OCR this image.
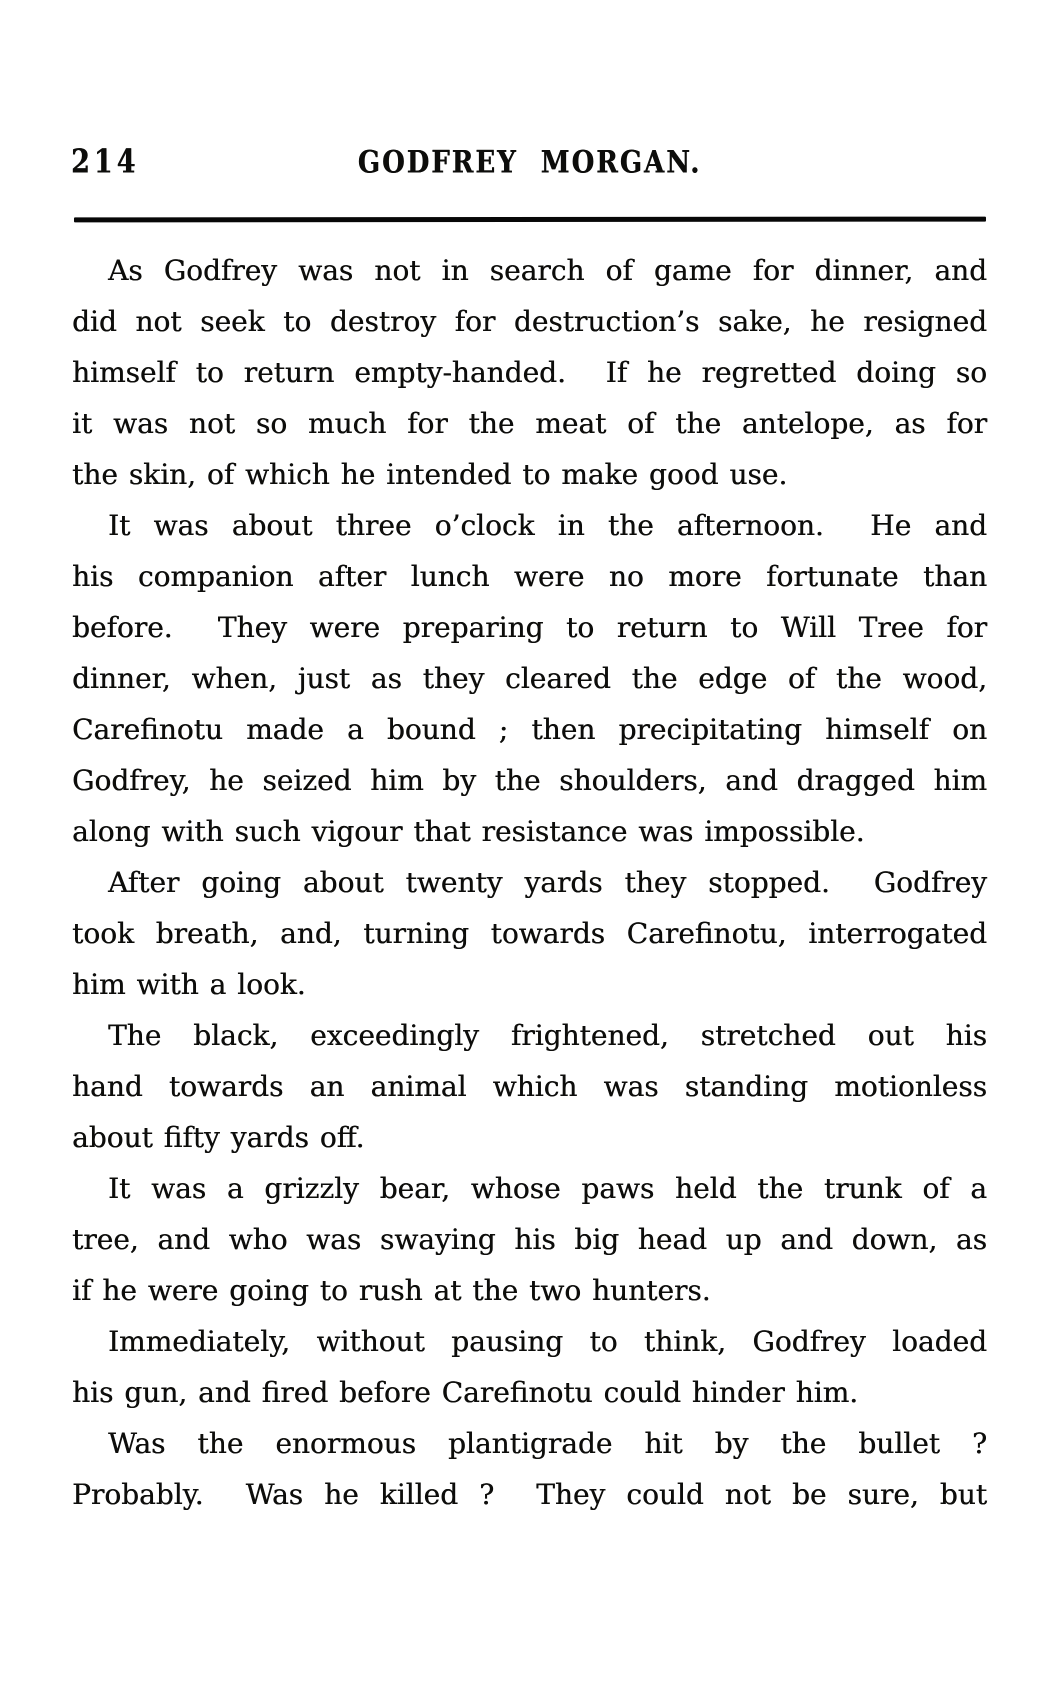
214	GODFREY MORGAN.
As Godfrey was not in search of game for dinner, and
did not seek to destroy for destruction’s sake, he resigned
himself to return empty-handed.  If he regretted doing so
it was not so much for the meat of the antelope, as for
the skin, of which he intended to make good use.
It was about three o’clock in the afternoon.  He and
his companion after lunch were no more fortunate than
before.  They were preparing to return to Will Tree for
dinner, when, just as they cleared the edge of the wood,
Carefinotu made a bound ; then precipitating himself on
Godfrey, he seized him by the shoulders, and dragged him
along with such vigour that resistance was impossible.
After going about twenty yards they stopped.  Godfrey
took breath, and, turning towards Carefinotu, interrogated
him with a look.
The black, exceedingly frightened, stretched out his
hand towards an animal which was standing motionless
about fifty yards off.
It was a grizzly bear, whose paws held the trunk of a
tree, and who was swaying his big head up and down, as
if he were going to rush at the two hunters.
Immediately, without pausing to think, Godfrey loaded
his gun, and fired before Carefinotu could hinder him.
Was the enormous plantigrade hit by the bullet ?
Probably.  Was he killed ?  They could not be sure, but
